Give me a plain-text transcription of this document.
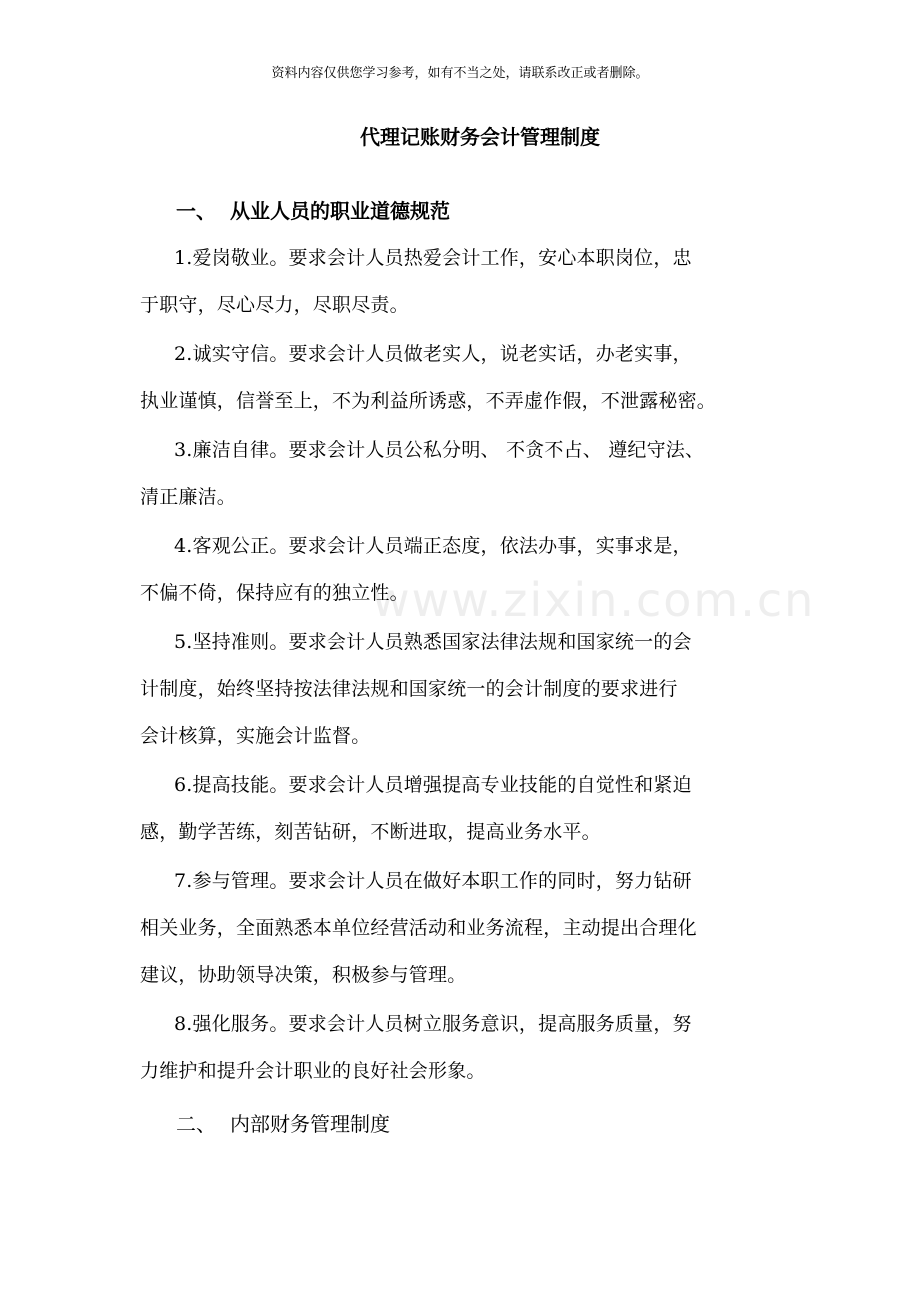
资料内容仅供您学习参考，如有不当之处，请联系改正或者删除。
www.zixin.com.cn
代理记账财务会计管理制度
一、 从业人员的职业道德规范
1.爱岗敬业。要求会计人员热爱会计工作，安心本职岗位，忠
于职守，尽心尽力，尽职尽责。
2.诚实守信。要求会计人员做老实人，说老实话，办老实事，
执业谨慎，信誉至上，不为利益所诱惑，不弄虚作假，不泄露秘密。
3.廉洁自律。要求会计人员公私分明、 不贪不占、 遵纪守法、
清正廉洁。
4.客观公正。要求会计人员端正态度，依法办事，实事求是，
不偏不倚，保持应有的独立性。
5.坚持准则。要求会计人员熟悉国家法律法规和国家统一的会
计制度，始终坚持按法律法规和国家统一的会计制度的要求进行
会计核算，实施会计监督。
6.提高技能。要求会计人员增强提高专业技能的自觉性和紧迫
感，勤学苦练，刻苦钻研，不断进取，提高业务水平。
7.参与管理。要求会计人员在做好本职工作的同时，努力钻研
相关业务，全面熟悉本单位经营活动和业务流程，主动提出合理化
建议，协助领导决策，积极参与管理。
8.强化服务。要求会计人员树立服务意识，提高服务质量，努
力维护和提升会计职业的良好社会形象。
二、 内部财务管理制度
